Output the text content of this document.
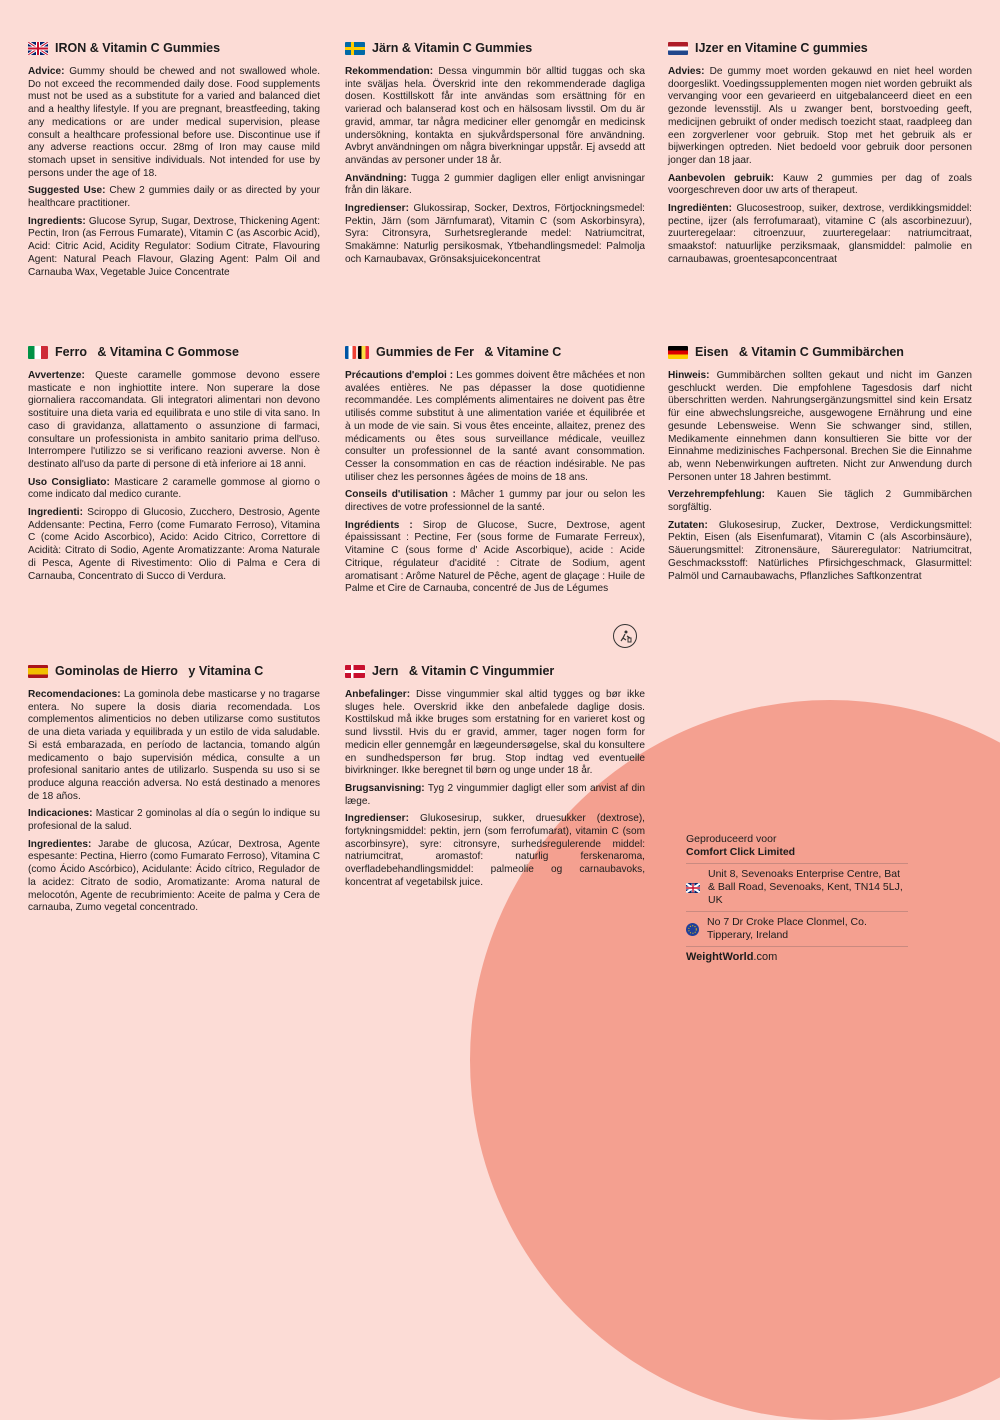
IRON & Vitamin C Gummies

Advice: Gummy should be chewed and not swallowed whole. Do not exceed the recommended daily dose. Food supplements must not be used as a substitute for a varied and balanced diet and a healthy lifestyle. If you are pregnant, breastfeeding, taking any medications or are under medical supervision, please consult a healthcare professional before use. Discontinue use if any adverse reactions occur. 28mg of Iron may cause mild stomach upset in sensitive individuals. Not intended for use by persons under the age of 18.

Suggested Use: Chew 2 gummies daily or as directed by your healthcare practitioner.

Ingredients: Glucose Syrup, Sugar, Dextrose, Thickening Agent: Pectin, Iron (as Ferrous Fumarate), Vitamin C (as Ascorbic Acid), Acid: Citric Acid, Acidity Regulator: Sodium Citrate, Flavouring Agent: Natural Peach Flavour, Glazing Agent: Palm Oil and Carnauba Wax, Vegetable Juice Concentrate

Järn & Vitamin C Gummies

Rekommendation: Dessa vingummin bör alltid tuggas och ska inte sväljas hela. Överskrid inte den rekommenderade dagliga dosen. Kosttillskott får inte användas som ersättning för en varierad och balanserad kost och en hälsosam livsstil. Om du är gravid, ammar, tar några mediciner eller genomgår en medicinsk undersökning, kontakta en sjukvårdspersonal före användning. Avbryt användningen om några biverkningar uppstår. Ej avsedd att användas av personer under 18 år.

Användning: Tugga 2 gummier dagligen eller enligt anvisningar från din läkare.

Ingredienser: Glukossirap, Socker, Dextros, Förtjockningsmedel: Pektin, Järn (som Järnfumarat), Vitamin C (som Askorbinsyra), Syra: Citronsyra, Surhetsreglerande medel: Natriumcitrat, Smakämne: Naturlig persikosmak, Ytbehandlingsmedel: Palmolja och Karnaubavax, Grönsaksjuicekoncentrat

IJzer en Vitamine C gummies

Advies: De gummy moet worden gekauwd en niet heel worden doorgeslikt. Voedingssupplementen mogen niet worden gebruikt als vervanging voor een gevarieerd en uitgebalanceerd dieet en een gezonde levensstijl. Als u zwanger bent, borstvoeding geeft, medicijnen gebruikt of onder medisch toezicht staat, raadpleeg dan een zorgverlener voor gebruik. Stop met het gebruik als er bijwerkingen optreden. Niet bedoeld voor gebruik door personen jonger dan 18 jaar.

Aanbevolen gebruik: Kauw 2 gummies per dag of zoals voorgeschreven door uw arts of therapeut.

Ingrediënten: Glucosestroop, suiker, dextrose, verdikkingsmiddel: pectine, ijzer (als ferrofumaraat), vitamine C (als ascorbinezuur), zuurteregelaar: citroenzuur, zuurteregelaar: natriumcitraat, smaakstof: natuurlijke perziksmaak, glansmiddel: palmolie en carnaubawas, groentesapconcentraat

Ferro & Vitamina C Gommose

Avvertenze: Queste caramelle gommose devono essere masticate e non inghiottite intere. Non superare la dose giornaliera raccomandata. Gli integratori alimentari non devono sostituire una dieta varia ed equilibrata e uno stile di vita sano. In caso di gravidanza, allattamento o assunzione di farmaci, consultare un professionista in ambito sanitario prima dell'uso. Interrompere l'utilizzo se si verificano reazioni avverse. Non è destinato all'uso da parte di persone di età inferiore ai 18 anni.

Uso Consigliato: Masticare 2 caramelle gommose al giorno o come indicato dal medico curante.

Ingredienti: Sciroppo di Glucosio, Zucchero, Destrosio, Agente Addensante: Pectina, Ferro (come Fumarato Ferroso), Vitamina C (come Acido Ascorbico), Acido: Acido Citrico, Correttore di Acidità: Citrato di Sodio, Agente Aromatizzante: Aroma Naturale di Pesca, Agente di Rivestimento: Olio di Palma e Cera di Carnauba, Concentrato di Succo di Verdura.

Gummies de Fer & Vitamine C

Précautions d'emploi : Les gommes doivent être mâchées et non avalées entières. Ne pas dépasser la dose quotidienne recommandée. Les compléments alimentaires ne doivent pas être utilisés comme substitut à une alimentation variée et équilibrée et à un mode de vie sain. Si vous êtes enceinte, allaitez, prenez des médicaments ou êtes sous surveillance médicale, veuillez consulter un professionnel de la santé avant consommation. Cesser la consommation en cas de réaction indésirable. Ne pas utiliser chez les personnes âgées de moins de 18 ans.

Conseils d'utilisation : Mâcher 1 gummy par jour ou selon les directives de votre professionnel de la santé.

Ingrédients : Sirop de Glucose, Sucre, Dextrose, agent épaississant : Pectine, Fer (sous forme de Fumarate Ferreux), Vitamine C (sous forme d' Acide Ascorbique), acide : Acide Citrique, régulateur d'acidité : Citrate de Sodium, agent aromatisant : Arôme Naturel de Pêche, agent de glaçage : Huile de Palme et Cire de Carnauba, concentré de Jus de Légumes

Eisen & Vitamin C Gummibärchen

Hinweis: Gummibärchen sollten gekaut und nicht im Ganzen geschluckt werden. Die empfohlene Tagesdosis darf nicht überschritten werden. Nahrungsergänzungsmittel sind kein Ersatz für eine abwechslungsreiche, ausgewogene Ernährung und eine gesunde Lebensweise. Wenn Sie schwanger sind, stillen, Medikamente einnehmen dann konsultieren Sie bitte vor der Einnahme medizinisches Fachpersonal. Brechen Sie die Einnahme ab, wenn Nebenwirkungen auftreten. Nicht zur Anwendung durch Personen unter 18 Jahren bestimmt.

Verzehrempfehlung: Kauen Sie täglich 2 Gummibärchen sorgfältig.

Zutaten: Glukosesirup, Zucker, Dextrose, Verdickungsmittel: Pektin, Eisen (als Eisenfumarat), Vitamin C (als Ascorbinsäure), Säuerungsmittel: Zitronensäure, Säureregulator: Natriumcitrat, Geschmacksstoff: Natürliches Pfirsichgeschmack, Glasurmittel: Palmöl und Carnaubawachs, Pflanzliches Saftkonzentrat

Gominolas de Hierro y Vitamina C

Recomendaciones: La gominola debe masticarse y no tragarse entera. No supere la dosis diaria recomendada. Los complementos alimenticios no deben utilizarse como sustitutos de una dieta variada y equilibrada y un estilo de vida saludable. Si está embarazada, en período de lactancia, tomando algún medicamento o bajo supervisión médica, consulte a un profesional sanitario antes de utilizarlo. Suspenda su uso si se produce alguna reacción adversa. No está destinado a menores de 18 años.

Indicaciones: Masticar 2 gominolas al día o según lo indique su profesional de la salud.

Ingredientes: Jarabe de glucosa, Azúcar, Dextrosa, Agente espesante: Pectina, Hierro (como Fumarato Ferroso), Vitamina C (como Ácido Ascórbico), Acidulante: Ácido cítrico, Regulador de la acidez: Citrato de sodio, Aromatizante: Aroma natural de melocotón, Agente de recubrimiento: Aceite de palma y Cera de carnauba, Zumo vegetal concentrado.

Jern & Vitamin C Vingummier

Anbefalinger: Disse vingummier skal altid tygges og bør ikke sluges hele. Overskrid ikke den anbefalede daglige dosis. Kosttilskud må ikke bruges som erstatning for en varieret kost og sund livsstil. Hvis du er gravid, ammer, tager nogen form for medicin eller gennemgår en lægeundersøgelse, skal du konsultere en sundhedsperson før brug. Stop indtag ved eventuelle bivirkninger. Ikke beregnet til børn og unge under 18 år.

Brugsanvisning: Tyg 2 vingummier dagligt eller som anvist af din læge.

Ingredienser: Glukosesirup, sukker, druesukker (dextrose), fortykningsmiddel: pektin, jern (som ferrofumarat), vitamin C (som ascorbinsyre), syre: citronsyre, surhedsregulerende middel: natriumcitrat, aromastof: naturlig ferskenaroma, overfladebehandlingsmiddel: palmeolie og carnaubavoks, koncentrat af vegetabilsk juice.

Geproduceerd voor
Comfort Click Limited
Unit 8, Sevenoaks Enterprise Centre, Bat & Ball Road, Sevenoaks, Kent, TN14 5LJ, UK
No 7 Dr Croke Place Clonmel, Co. Tipperary, Ireland
WeightWorld.com
